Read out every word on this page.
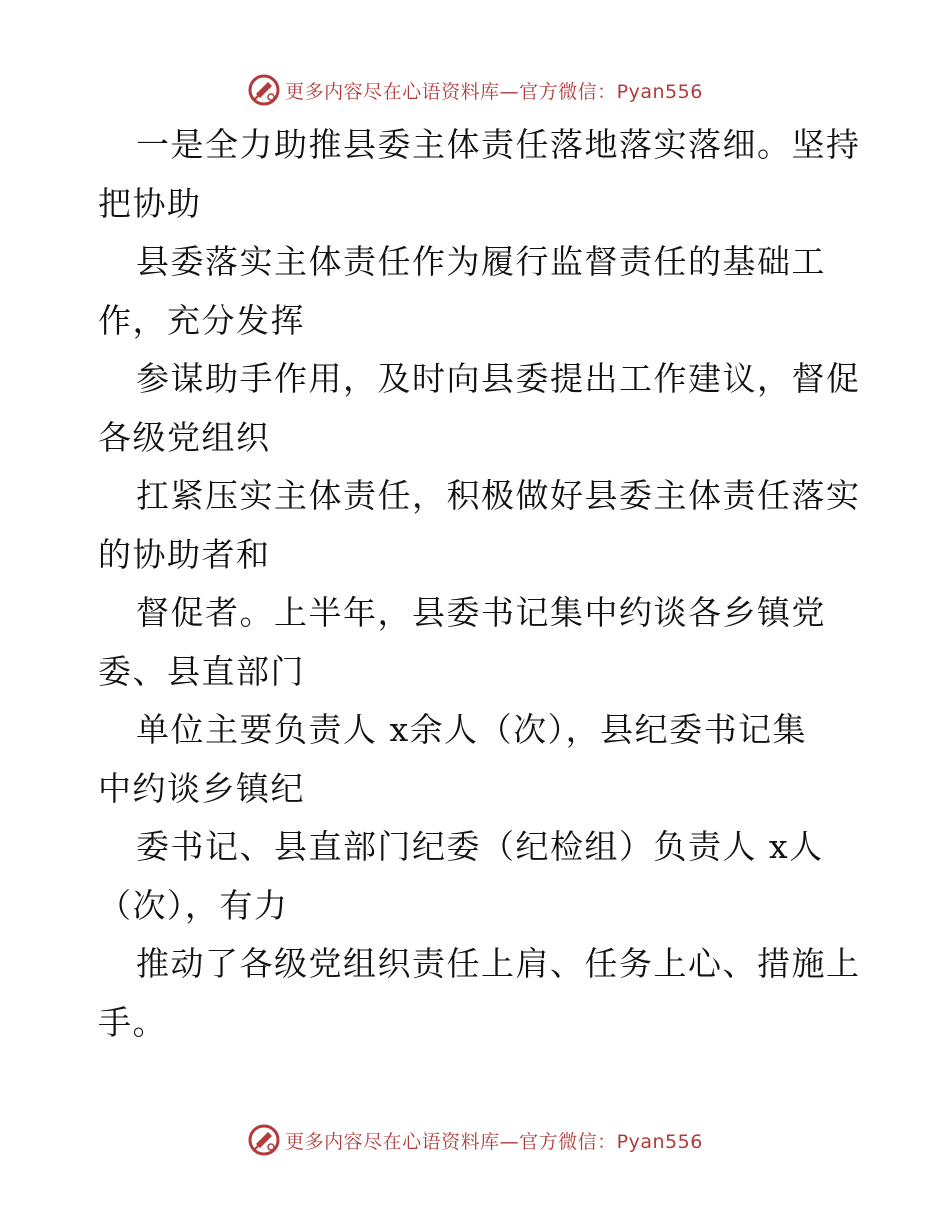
更多内容尽在心语资料库—官方微信：Pyan556
一是全力助推县委主体责任落地落实落细。坚持
把协助
县委落实主体责任作为履行监督责任的基础工
作，充分发挥
参谋助手作用，及时向县委提出工作建议，督促
各级党组织
扛紧压实主体责任，积极做好县委主体责任落实
的协助者和
督促者。上半年，县委书记集中约谈各乡镇党
委、县直部门
单位主要负责人 x余人（次），县纪委书记集
中约谈乡镇纪
委书记、县直部门纪委（纪检组）负责人 x人
（次），有力
推动了各级党组织责任上肩、任务上心、措施上
手。
更多内容尽在心语资料库—官方微信：Pyan556
